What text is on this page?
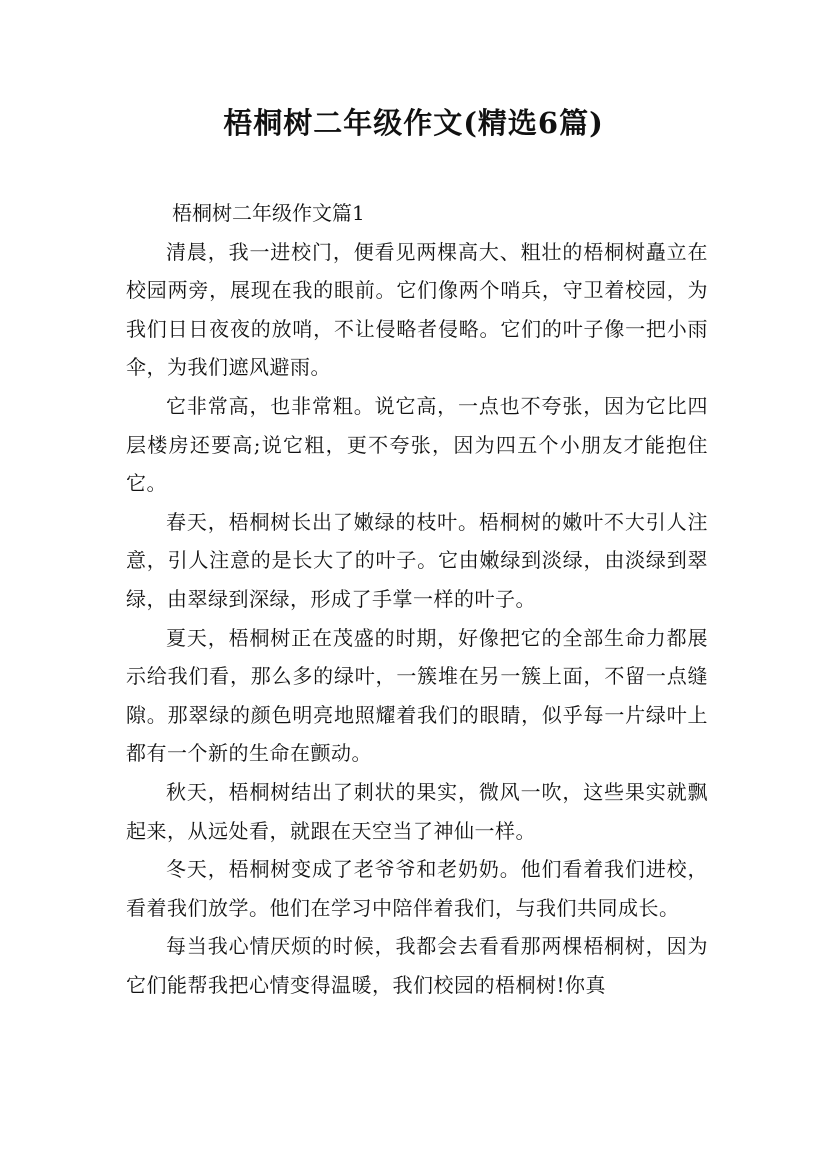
梧桐树二年级作文(精选6篇)

梧桐树二年级作文篇1

清晨，我一进校门，便看见两棵高大、粗壮的梧桐树矗立在校园两旁，展现在我的眼前。它们像两个哨兵，守卫着校园，为我们日日夜夜的放哨，不让侵略者侵略。它们的叶子像一把小雨伞，为我们遮风避雨。

它非常高，也非常粗。说它高，一点也不夸张，因为它比四层楼房还要高;说它粗，更不夸张，因为四五个小朋友才能抱住它。

春天，梧桐树长出了嫩绿的枝叶。梧桐树的嫩叶不大引人注意，引人注意的是长大了的叶子。它由嫩绿到淡绿，由淡绿到翠绿，由翠绿到深绿，形成了手掌一样的叶子。

夏天，梧桐树正在茂盛的时期，好像把它的全部生命力都展示给我们看，那么多的绿叶，一簇堆在另一簇上面，不留一点缝隙。那翠绿的颜色明亮地照耀着我们的眼睛，似乎每一片绿叶上都有一个新的生命在颤动。

秋天，梧桐树结出了刺状的果实，微风一吹，这些果实就飘起来，从远处看，就跟在天空当了神仙一样。

冬天，梧桐树变成了老爷爷和老奶奶。他们看着我们进校，看着我们放学。他们在学习中陪伴着我们，与我们共同成长。

每当我心情厌烦的时候，我都会去看看那两棵梧桐树，因为它们能帮我把心情变得温暖，我们校园的梧桐树!你真
